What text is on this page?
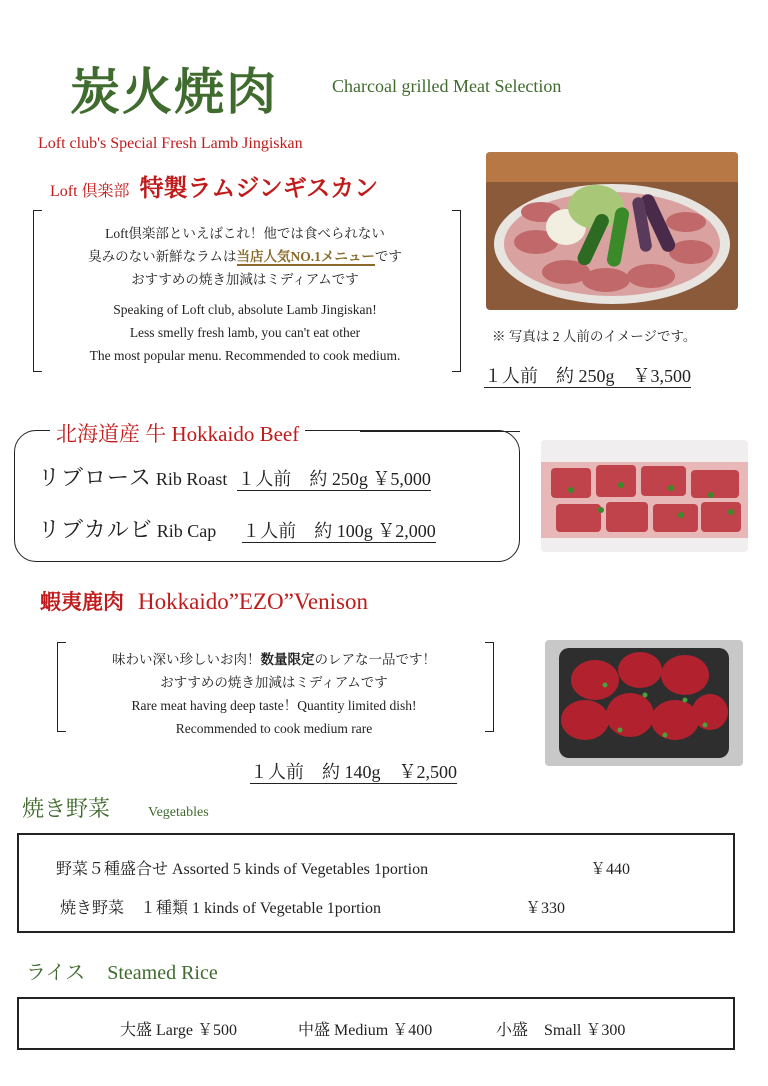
炭火焼肉	Charcoal grilled Meat Selection
Loft club's Special Fresh Lamb Jingiskan
Loft 倶楽部 特製ラムジンギスカン
Loft倶楽部といえばこれ！他では食べられない
臭みのない新鮮なラムは当店人気NO.1メニューです
おすすめの焼き加減はミディアムです
Speaking of Loft club, absolute Lamb Jingiskan!
Less smelly fresh lamb, you can't eat other
The most popular menu. Recommended to cook medium.
※ 写真は 2 人前のイメージです。
１人前　約 250g　￥3,500
北海道産 牛 Hokkaido Beef
リブロース Rib Roast １人前　約 250g ￥5,000
リブカルビ Rib Cap １人前　約 100g ￥2,000
蝦夷鹿肉 Hokkaido”EZO”Venison
味わい深い珍しいお肉！数量限定のレアな一品です！
おすすめの焼き加減はミディアムです
Rare meat having deep taste！Quantity limited dish!
Recommended to cook medium rare
１人前　約 140g　￥2,500
焼き野菜	Vegetables
野菜５種盛合せ Assorted 5 kinds of Vegetables 1portion	￥440
焼き野菜　１種類 1 kinds of Vegetable 1portion	￥330
ライス Steamed Rice
大盛 Large ￥500	中盛 Medium ￥400	小盛　Small ￥300
